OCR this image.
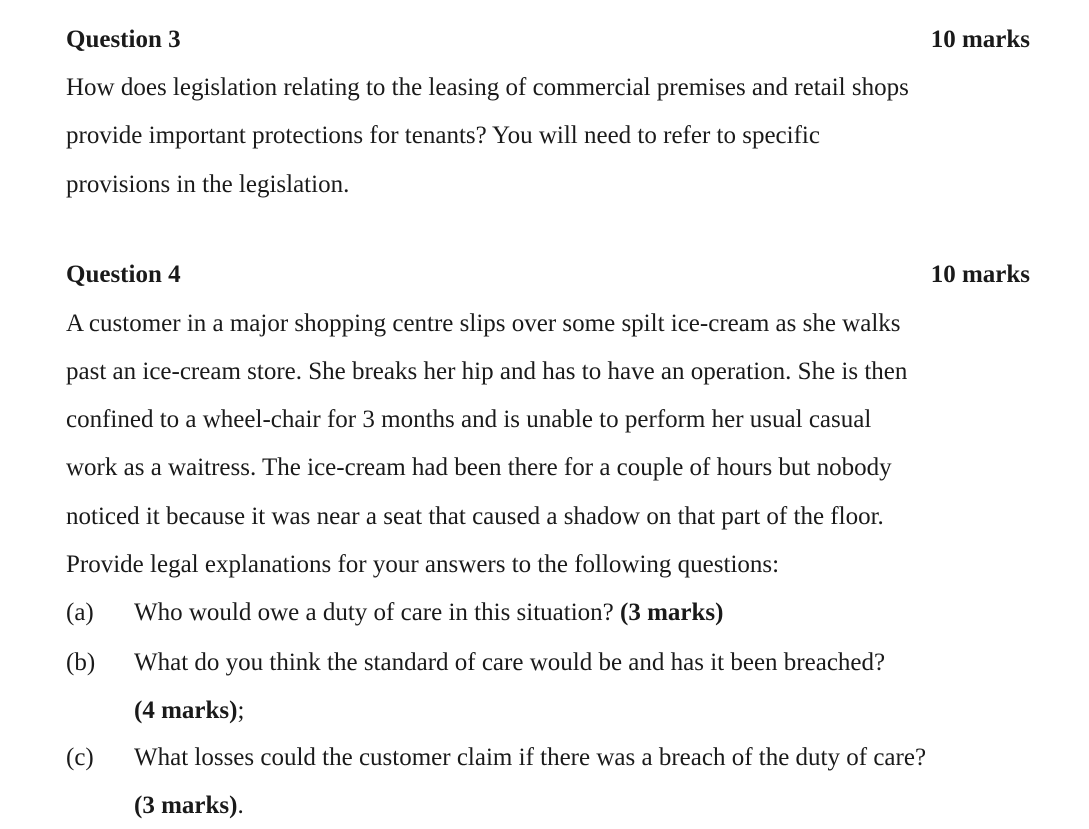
Question 3	10 marks
How does legislation relating to the leasing of commercial premises and retail shops
provide important protections for tenants? You will need to refer to specific
provisions in the legislation.
Question 4	10 marks
A customer in a major shopping centre slips over some spilt ice-cream as she walks
past an ice-cream store. She breaks her hip and has to have an operation. She is then
confined to a wheel-chair for 3 months and is unable to perform her usual casual
work as a waitress. The ice-cream had been there for a couple of hours but nobody
noticed it because it was near a seat that caused a shadow on that part of the floor.
Provide legal explanations for your answers to the following questions:
(a) Who would owe a duty of care in this situation? (3 marks)
(b) What do you think the standard of care would be and has it been breached?
(4 marks);
(c) What losses could the customer claim if there was a breach of the duty of care?
(3 marks).
